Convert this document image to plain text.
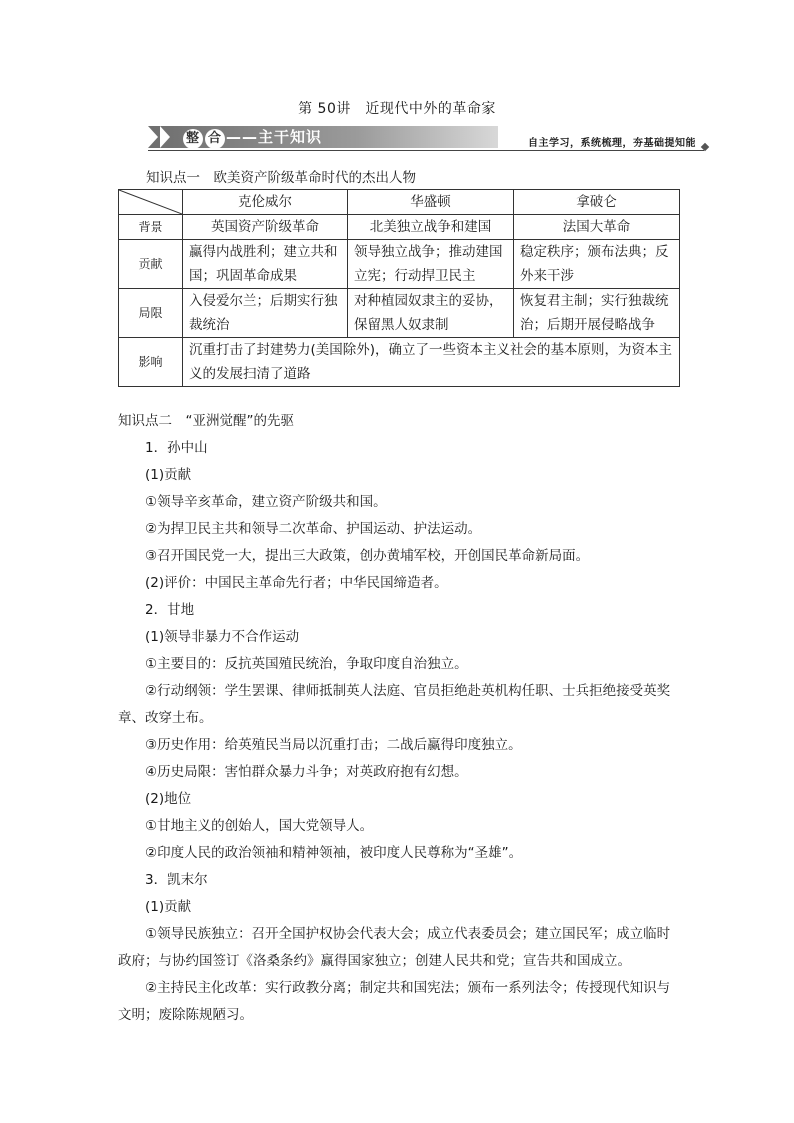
第 50讲　近现代中外的革命家
整 合 ——主干知识	自主学习，系统梳理，夯基础提知能
知识点一　欧美资产阶级革命时代的杰出人物
	克伦威尔	华盛顿	拿破仑
背景	英国资产阶级革命	北美独立战争和建国	法国大革命
贡献	赢得内战胜利；建立共和国；巩固革命成果	领导独立战争；推动建国立宪；行动捍卫民主	稳定秩序；颁布法典；反外来干涉
局限	入侵爱尔兰；后期实行独裁统治	对种植园奴隶主的妥协，保留黑人奴隶制	恢复君主制；实行独裁统治；后期开展侵略战争
影响	沉重打击了封建势力(美国除外)，确立了一些资本主义社会的基本原则，为资本主义的发展扫清了道路		

知识点二　“亚洲觉醒”的先驱

1．孙中山

(1)贡献

①领导辛亥革命，建立资产阶级共和国。

②为捍卫民主共和领导二次革命、护国运动、护法运动。

③召开国民党一大，提出三大政策，创办黄埔军校，开创国民革命新局面。

(2)评价：中国民主革命先行者；中华民国缔造者。

2．甘地

(1)领导非暴力不合作运动

①主要目的：反抗英国殖民统治，争取印度自治独立。

②行动纲领：学生罢课、律师抵制英人法庭、官员拒绝赴英机构任职、士兵拒绝接受英奖章、改穿土布。

③历史作用：给英殖民当局以沉重打击；二战后赢得印度独立。

④历史局限：害怕群众暴力斗争；对英政府抱有幻想。

(2)地位

①甘地主义的创始人，国大党领导人。

②印度人民的政治领袖和精神领袖，被印度人民尊称为“圣雄”。

3．凯末尔

(1)贡献

①领导民族独立：召开全国护权协会代表大会；成立代表委员会；建立国民军；成立临时政府；与协约国签订《洛桑条约》赢得国家独立；创建人民共和党；宣告共和国成立。

②主持民主化改革：实行政教分离；制定共和国宪法；颁布一系列法令；传授现代知识与文明；废除陈规陋习。
